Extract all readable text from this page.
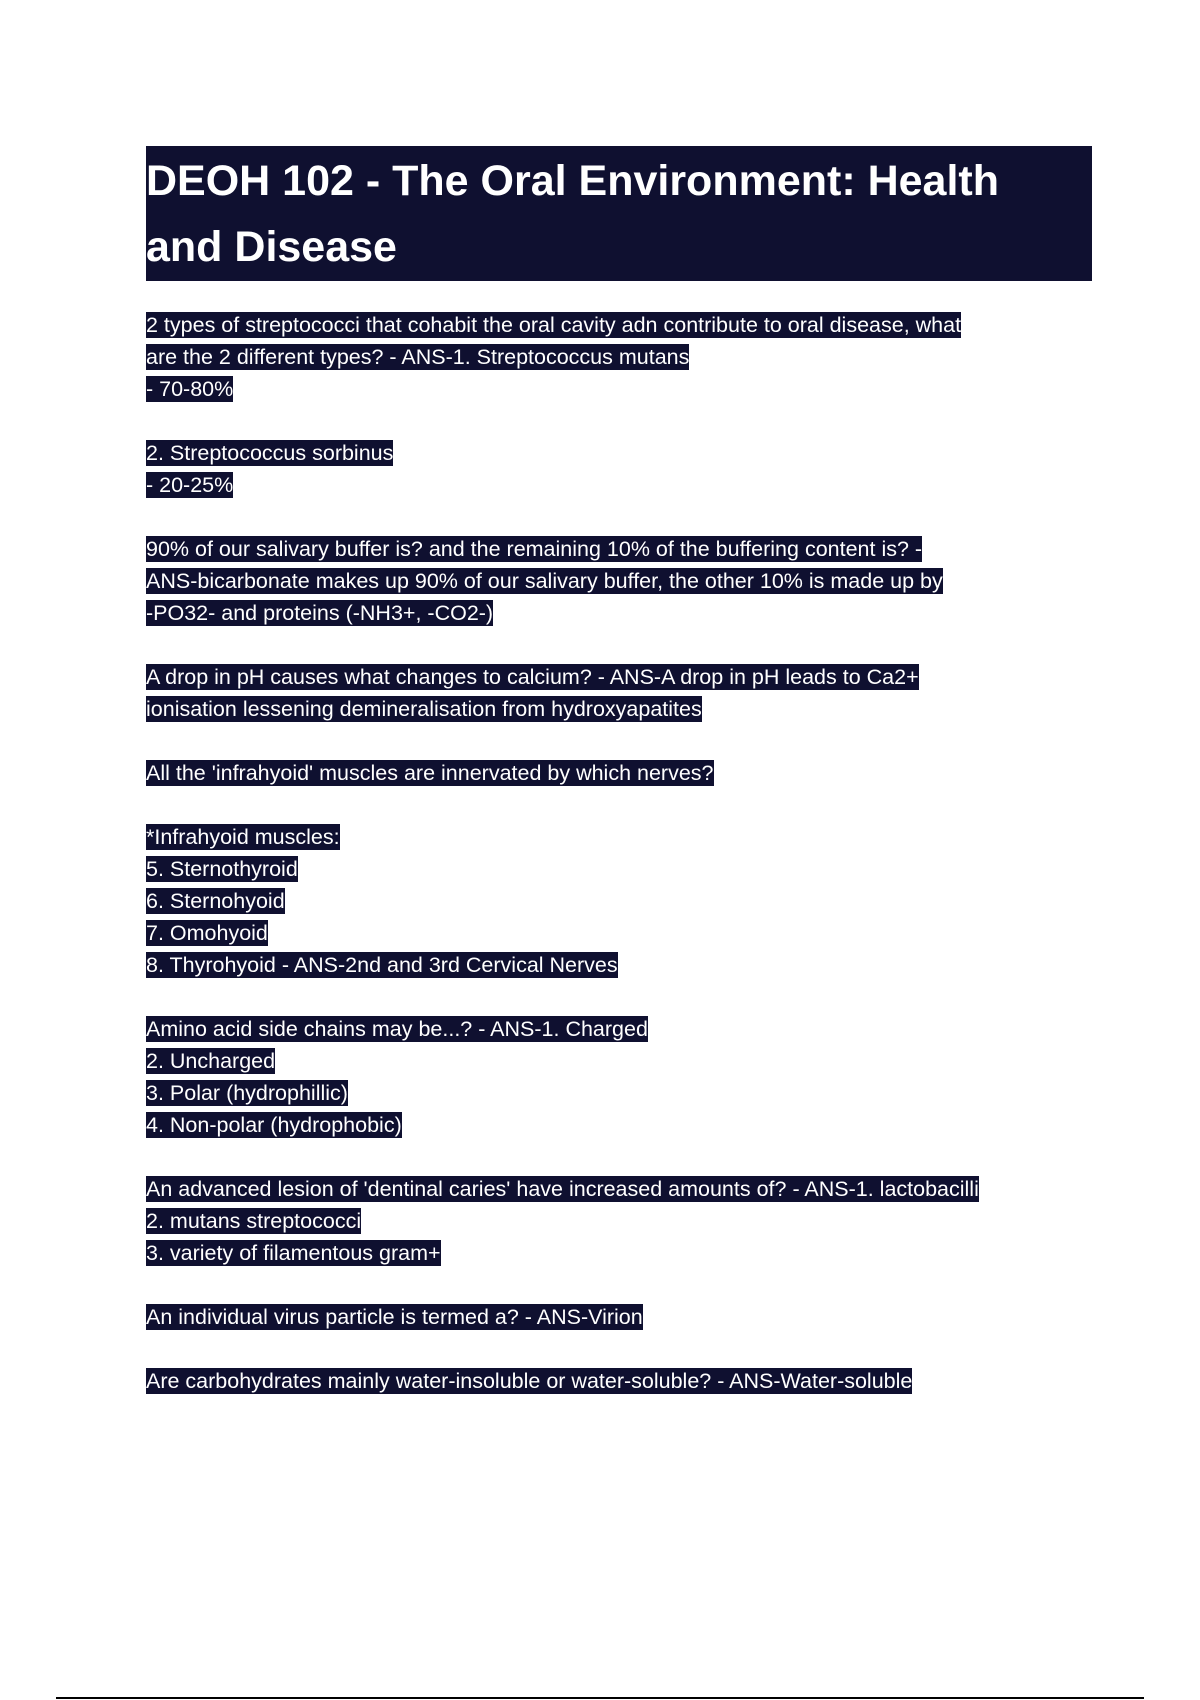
DEOH 102 - The Oral Environment: Health
and Disease
2 types of streptococci that cohabit the oral cavity adn contribute to oral disease, what
are the 2 different types? - ANS-1. Streptococcus mutans
- 70-80%
2. Streptococcus sorbinus
- 20-25%
90% of our salivary buffer is? and the remaining 10% of the buffering content is? -
ANS-bicarbonate makes up 90% of our salivary buffer, the other 10% is made up by
-PO32- and proteins (-NH3+, -CO2-)
A drop in pH causes what changes to calcium? - ANS-A drop in pH leads to Ca2+
ionisation lessening demineralisation from hydroxyapatites
All the 'infrahyoid' muscles are innervated by which nerves?
*Infrahyoid muscles:
5. Sternothyroid
6. Sternohyoid
7. Omohyoid
8. Thyrohyoid - ANS-2nd and 3rd Cervical Nerves
Amino acid side chains may be...? - ANS-1. Charged
2. Uncharged
3. Polar (hydrophillic)
4. Non-polar (hydrophobic)
An advanced lesion of 'dentinal caries' have increased amounts of? - ANS-1. lactobacilli
2. mutans streptococci
3. variety of filamentous gram+
An individual virus particle is termed a? - ANS-Virion
Are carbohydrates mainly water-insoluble or water-soluble? - ANS-Water-soluble
